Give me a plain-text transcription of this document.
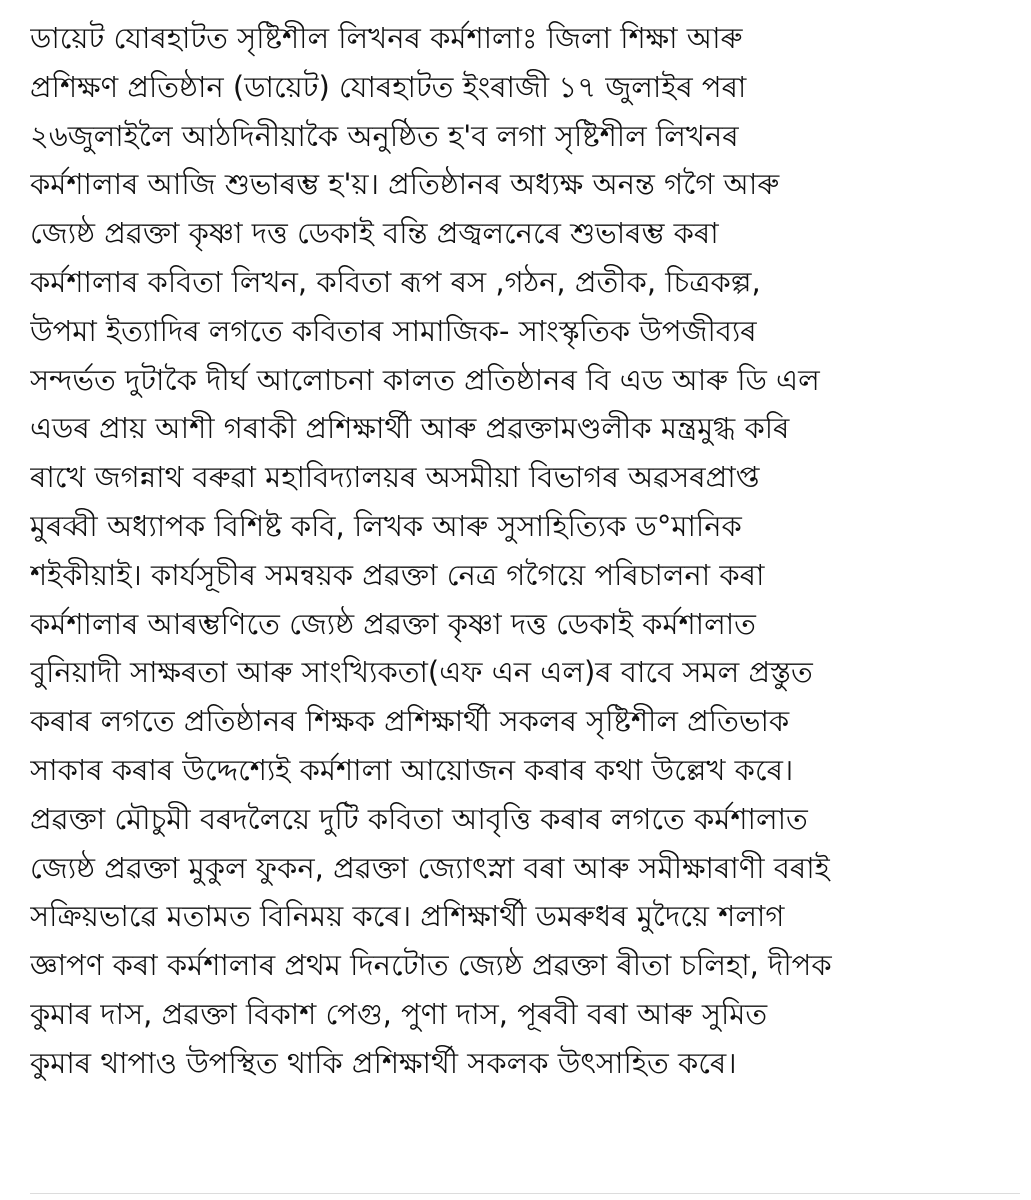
ডায়েট যোৰহাটত সৃষ্টিশীল লিখনৰ কৰ্মশালাঃ জিলা শিক্ষা আৰু
প্ৰশিক্ষণ প্ৰতিষ্ঠান (ডায়েট) যোৰহাটত ইংৰাজী ১৭ জুলাইৰ পৰা
২৬জুলাইলৈ আঠদিনীয়াকৈ অনুষ্ঠিত হ'ব লগা সৃষ্টিশীল লিখনৰ
কৰ্মশালাৰ আজি শুভাৰম্ভ হ'য়। প্ৰতিষ্ঠানৰ অধ্যক্ষ অনন্ত গগৈ আৰু
জ্যেষ্ঠ প্ৰৱক্তা কৃষ্ণা দত্ত ডেকাই বন্তি প্ৰজ্বলনেৰে শুভাৰম্ভ কৰা
কৰ্মশালাৰ কবিতা লিখন, কবিতা ৰূপ ৰস ,গঠন, প্ৰতীক, চিত্ৰকল্প,
উপমা ইত্যাদিৰ লগতে কবিতাৰ সামাজিক- সাংস্কৃতিক উপজীব্যৰ
সন্দৰ্ভত দুটাকৈ দীৰ্ঘ আলোচনা কালত প্ৰতিষ্ঠানৰ বি এড আৰু ডি এল
এডৰ প্ৰায় আশী গৰাকী প্ৰশিক্ষাৰ্থী আৰু প্ৰৱক্তামণ্ডলীক মন্ত্ৰমুগ্ধ কৰি
ৰাখে জগন্নাথ বৰুৱা মহাবিদ্যালয়ৰ অসমীয়া বিভাগৰ অৱসৰপ্ৰাপ্ত
মুৰব্বী অধ্যাপক বিশিষ্ট কবি, লিখক আৰু সুসাহিত্যিক ড°মানিক
শইকীয়াই। কাৰ্যসূচীৰ সমন্বয়ক প্ৰৱক্তা নেত্ৰ গগৈয়ে পৰিচালনা কৰা
কৰ্মশালাৰ আৰম্ভণিতে জ্যেষ্ঠ প্ৰৱক্তা কৃষ্ণা দত্ত ডেকাই কৰ্মশালাত
বুনিয়াদী সাক্ষৰতা আৰু সাংখ্যিকতা(এফ এন এল)ৰ বাবে সমল প্ৰস্তুত
কৰাৰ লগতে প্ৰতিষ্ঠানৰ শিক্ষক প্ৰশিক্ষাৰ্থী সকলৰ সৃষ্টিশীল প্ৰতিভাক
সাকাৰ কৰাৰ উদ্দেশ্যেই কৰ্মশালা আয়োজন কৰাৰ কথা উল্লেখ কৰে।
প্ৰৱক্তা মৌচুমী বৰদলৈয়ে দুটি কবিতা আবৃত্তি কৰাৰ লগতে কৰ্মশালাত
জ্যেষ্ঠ প্ৰৱক্তা মুকুল ফুকন, প্ৰৱক্তা জ্যোৎস্না বৰা আৰু সমীক্ষাৰাণী বৰাই
সক্ৰিয়ভাৱে মতামত বিনিময় কৰে। প্ৰশিক্ষাৰ্থী ডমৰুধৰ মুদৈয়ে শলাগ
জ্ঞাপণ কৰা কৰ্মশালাৰ প্ৰথম দিনটোত জ্যেষ্ঠ প্ৰৱক্তা ৰীতা চলিহা, দীপক
কুমাৰ দাস, প্ৰৱক্তা বিকাশ পেগু, পুণা দাস, পূৰবী বৰা আৰু সুমিত
কুমাৰ থাপাও উপস্থিত থাকি প্ৰশিক্ষাৰ্থী সকলক উৎসাহিত কৰে।
